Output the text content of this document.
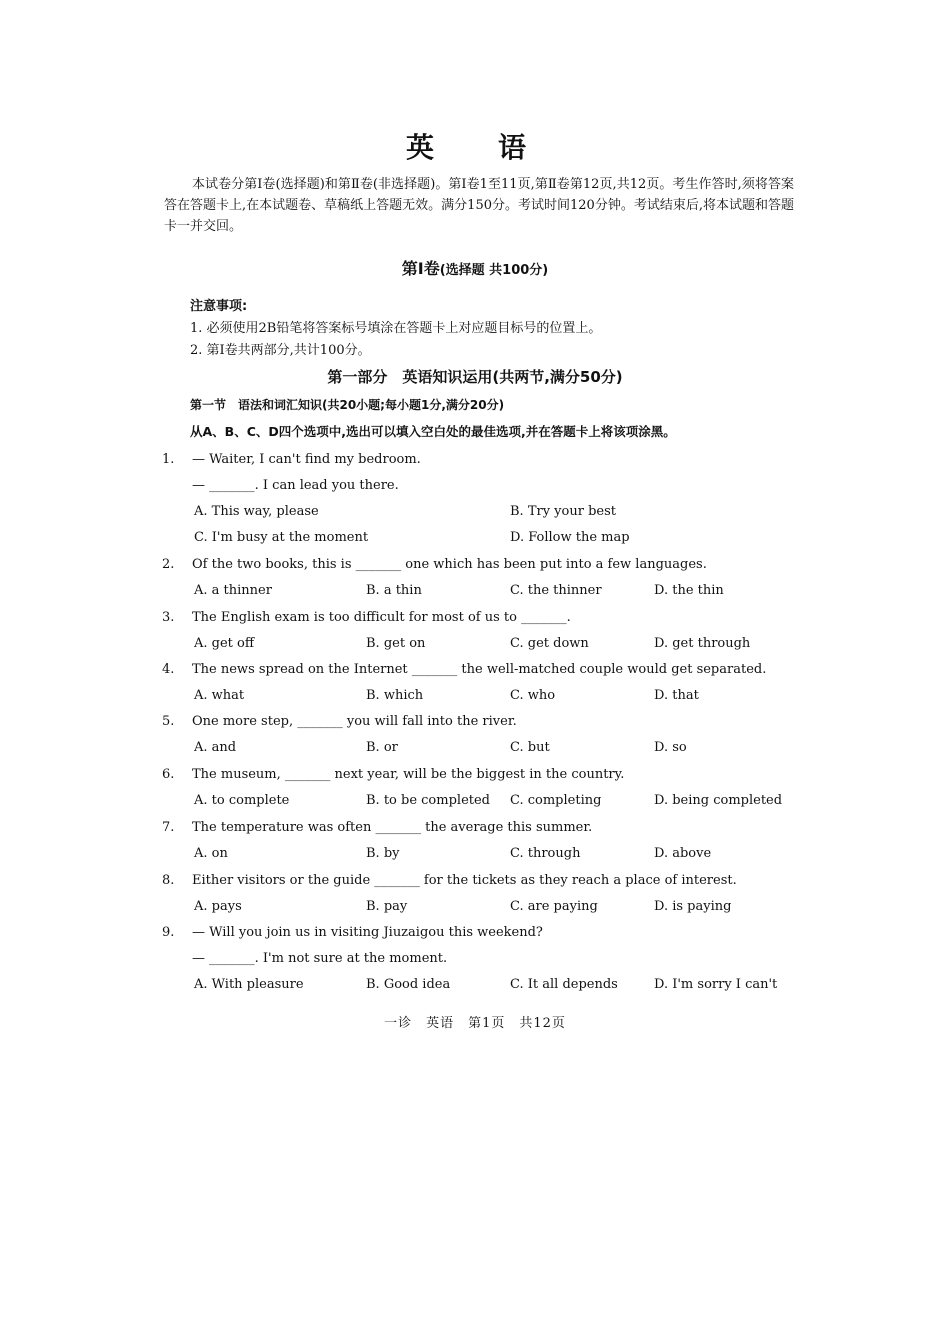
英　语
本试卷分第Ⅰ卷(选择题)和第Ⅱ卷(非选择题)。第Ⅰ卷1至11页,第Ⅱ卷第12页,共12页。考生作答时,须将答案答在答题卡上,在本试题卷、草稿纸上答题无效。满分150分。考试时间120分钟。考试结束后,将本试题和答题卡一并交回。
第Ⅰ卷(选择题 共100分)
注意事项:
1. 必须使用2B铅笔将答案标号填涂在答题卡上对应题目标号的位置上。
2. 第Ⅰ卷共两部分,共计100分。
第一部分　英语知识运用(共两节,满分50分)
第一节　语法和词汇知识(共20小题;每小题1分,满分20分)
从A、B、C、D四个选项中,选出可以填入空白处的最佳选项,并在答题卡上将该项涂黑。
1. — Waiter, I can't find my bedroom.
— _______. I can lead you there.
A. This way, please	B. Try your best
C. I'm busy at the moment	D. Follow the map
2. Of the two books, this is _______ one which has been put into a few languages.
A. a thinner	B. a thin	C. the thinner	D. the thin
3. The English exam is too difficult for most of us to _______.
A. get off	B. get on	C. get down	D. get through
4. The news spread on the Internet _______ the well-matched couple would get separated.
A. what	B. which	C. who	D. that
5. One more step, _______ you will fall into the river.
A. and	B. or	C. but	D. so
6. The museum, _______ next year, will be the biggest in the country.
A. to complete	B. to be completed C. completing	D. being completed
7. The temperature was often _______ the average this summer.
A. on	B. by	C. through	D. above
8. Either visitors or the guide _______ for the tickets as they reach a place of interest.
A. pays	B. pay	C. are paying	D. is paying
9. — Will you join us in visiting Jiuzaigou this weekend?
— _______. I'm not sure at the moment.
A. With pleasure	B. Good idea	C. It all depends	D. I'm sorry I can't
一诊　英语　第1页　共12页
